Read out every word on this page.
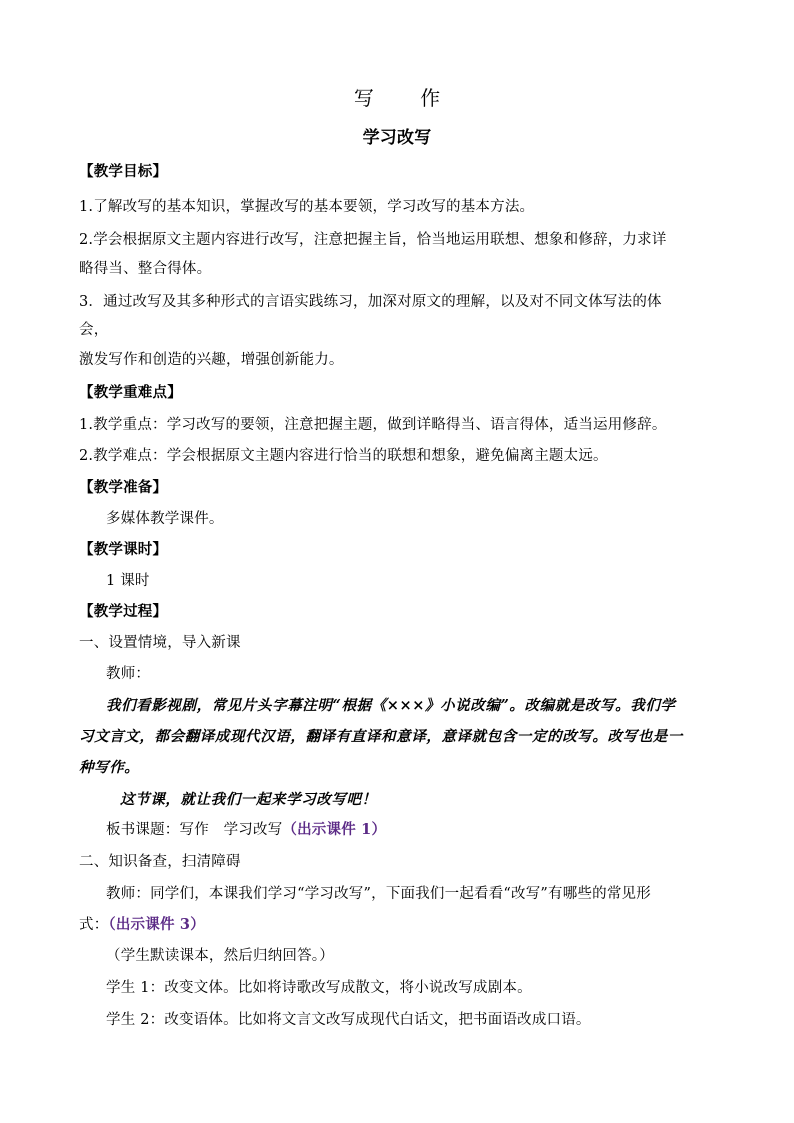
写 作
学习改写
【教学目标】
1.了解改写的基本知识，掌握改写的基本要领，学习改写的基本方法。
2.学会根据原文主题内容进行改写，注意把握主旨，恰当地运用联想、想象和修辞，力求详
略得当、整合得体。
3．通过改写及其多种形式的言语实践练习，加深对原文的理解，以及对不同文体写法的体
会，
激发写作和创造的兴趣，增强创新能力。
【教学重难点】
1.教学重点：学习改写的要领，注意把握主题，做到详略得当、语言得体，适当运用修辞。
2.教学难点：学会根据原文主题内容进行恰当的联想和想象，避免偏离主题太远。
【教学准备】
多媒体教学课件。
【教学课时】
1 课时
【教学过程】
一、设置情境，导入新课
教师：
我们看影视剧，常见片头字幕注明“根据《×××》小说改编”。改编就是改写。我们学
习文言文，都会翻译成现代汉语，翻译有直译和意译，意译就包含一定的改写。改写也是一
种写作。
这节课，就让我们一起来学习改写吧！
板书课题：写作　学习改写（出示课件 1）
二、知识备查，扫清障碍
教师：同学们，本课我们学习“学习改写”，下面我们一起看看“改写”有哪些的常见形
式：（出示课件 3）
（学生默读课本，然后归纳回答。）
学生 1：改变文体。比如将诗歌改写成散文，将小说改写成剧本。
学生 2：改变语体。比如将文言文改写成现代白话文，把书面语改成口语。
